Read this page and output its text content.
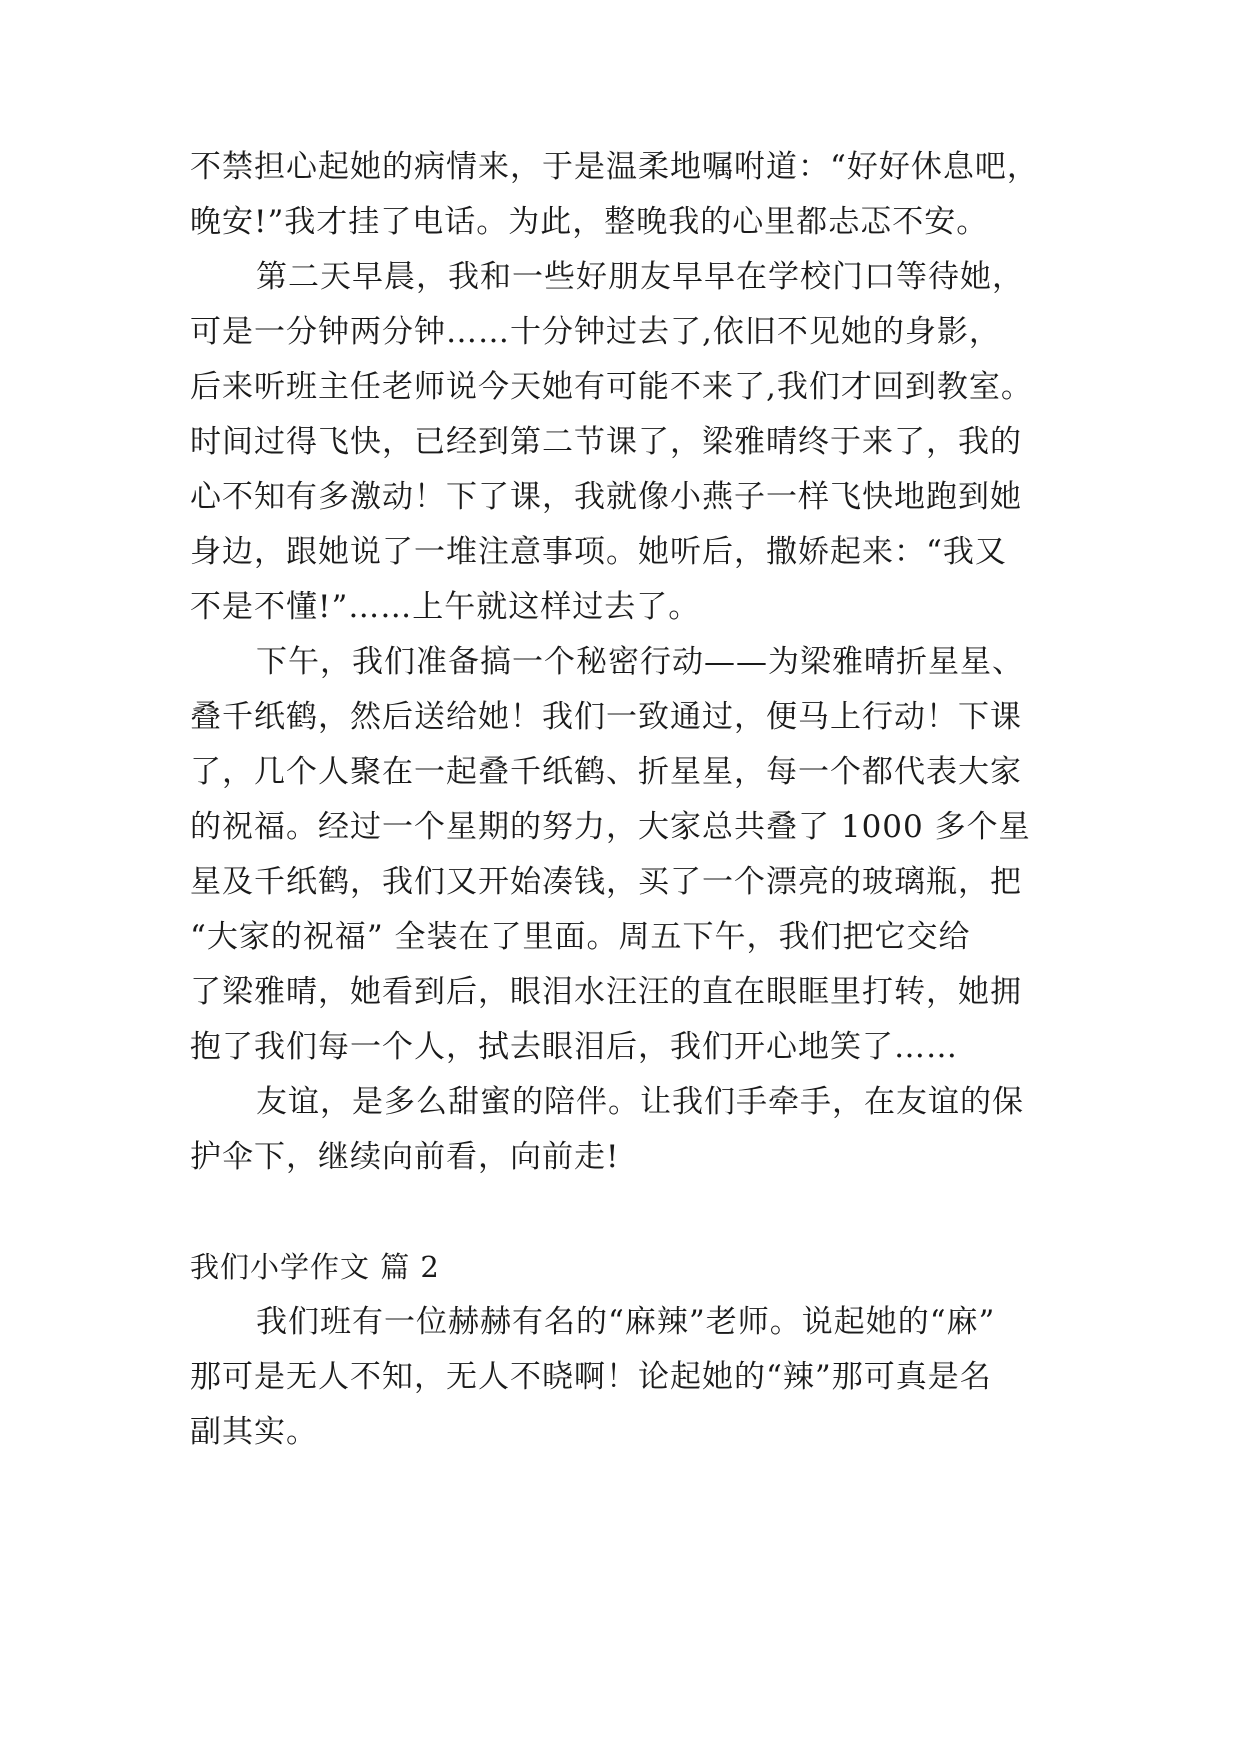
不禁担心起她的病情来，于是温柔地嘱咐道：“好好休息吧，
晚安!”我才挂了电话。为此，整晚我的心里都忐忑不安。
第二天早晨，我和一些好朋友早早在学校门口等待她，
可是一分钟两分钟……十分钟过去了,依旧不见她的身影，
后来听班主任老师说今天她有可能不来了,我们才回到教室。
时间过得飞快，已经到第二节课了，梁雅晴终于来了，我的
心不知有多激动！下了课，我就像小燕子一样飞快地跑到她
身边，跟她说了一堆注意事项。她听后，撒娇起来：“我又
不是不懂!”……上午就这样过去了。
下午，我们准备搞一个秘密行动——为梁雅晴折星星、
叠千纸鹤，然后送给她！我们一致通过，便马上行动！下课
了，几个人聚在一起叠千纸鹤、折星星，每一个都代表大家
的祝福。经过一个星期的努力，大家总共叠了 1000 多个星
星及千纸鹤，我们又开始凑钱，买了一个漂亮的玻璃瓶，把
“大家的祝福” 全装在了里面。周五下午，我们把它交给
了梁雅晴，她看到后，眼泪水汪汪的直在眼眶里打转，她拥
抱了我们每一个人，拭去眼泪后，我们开心地笑了……
友谊，是多么甜蜜的陪伴。让我们手牵手，在友谊的保
护伞下，继续向前看，向前走!
我们小学作文 篇 2
我们班有一位赫赫有名的“麻辣”老师。说起她的“麻”
那可是无人不知，无人不晓啊！论起她的“辣”那可真是名
副其实。
